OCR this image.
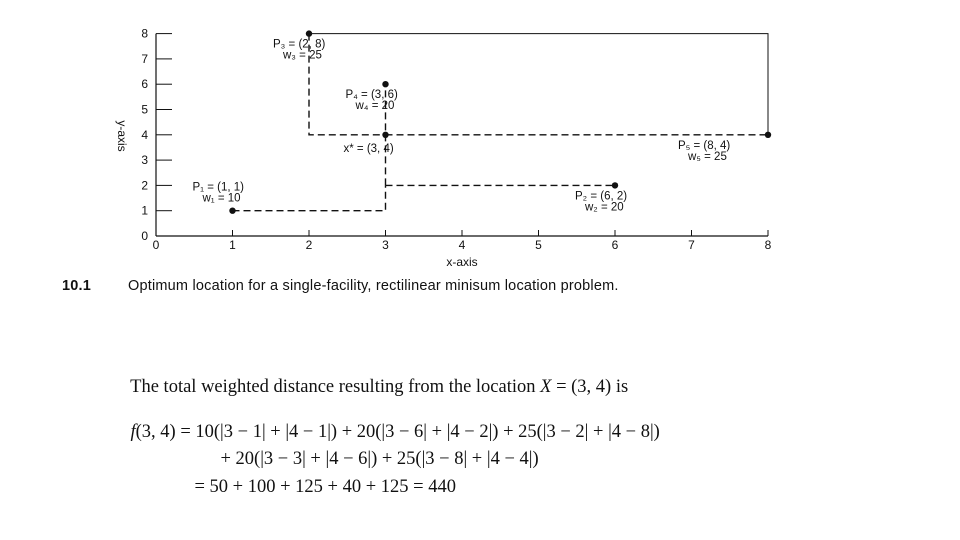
0	1	2	3	4	5	6	7	8
0
1
2
3
4
5
6
7
8
P₁ = (1, 1)
w₁ = 10	P₂ = (6, 2)
w₂ = 20
P₃ = (2, 8)
w₃ = 25
P₄ = (3, 6)
w₄ = 20
P₅ = (8, 4)
w₅ = 25
x* = (3, 4)
x-axis
y-axis
10.1	Optimum location for a single-facility, rectilinear minisum location problem.

The total weighted distance resulting from the location X = (3, 4) is

f(3, 4) = 10(|3 − 1| + |4 − 1|) + 20(|3 − 6| + |4 − 2|) + 25(|3 − 2| + |4 − 8|)

+ 20(|3 − 3| + |4 − 6|) + 25(|3 − 8| + |4 − 4|)

= 50 + 100 + 125 + 40 + 125 = 440
